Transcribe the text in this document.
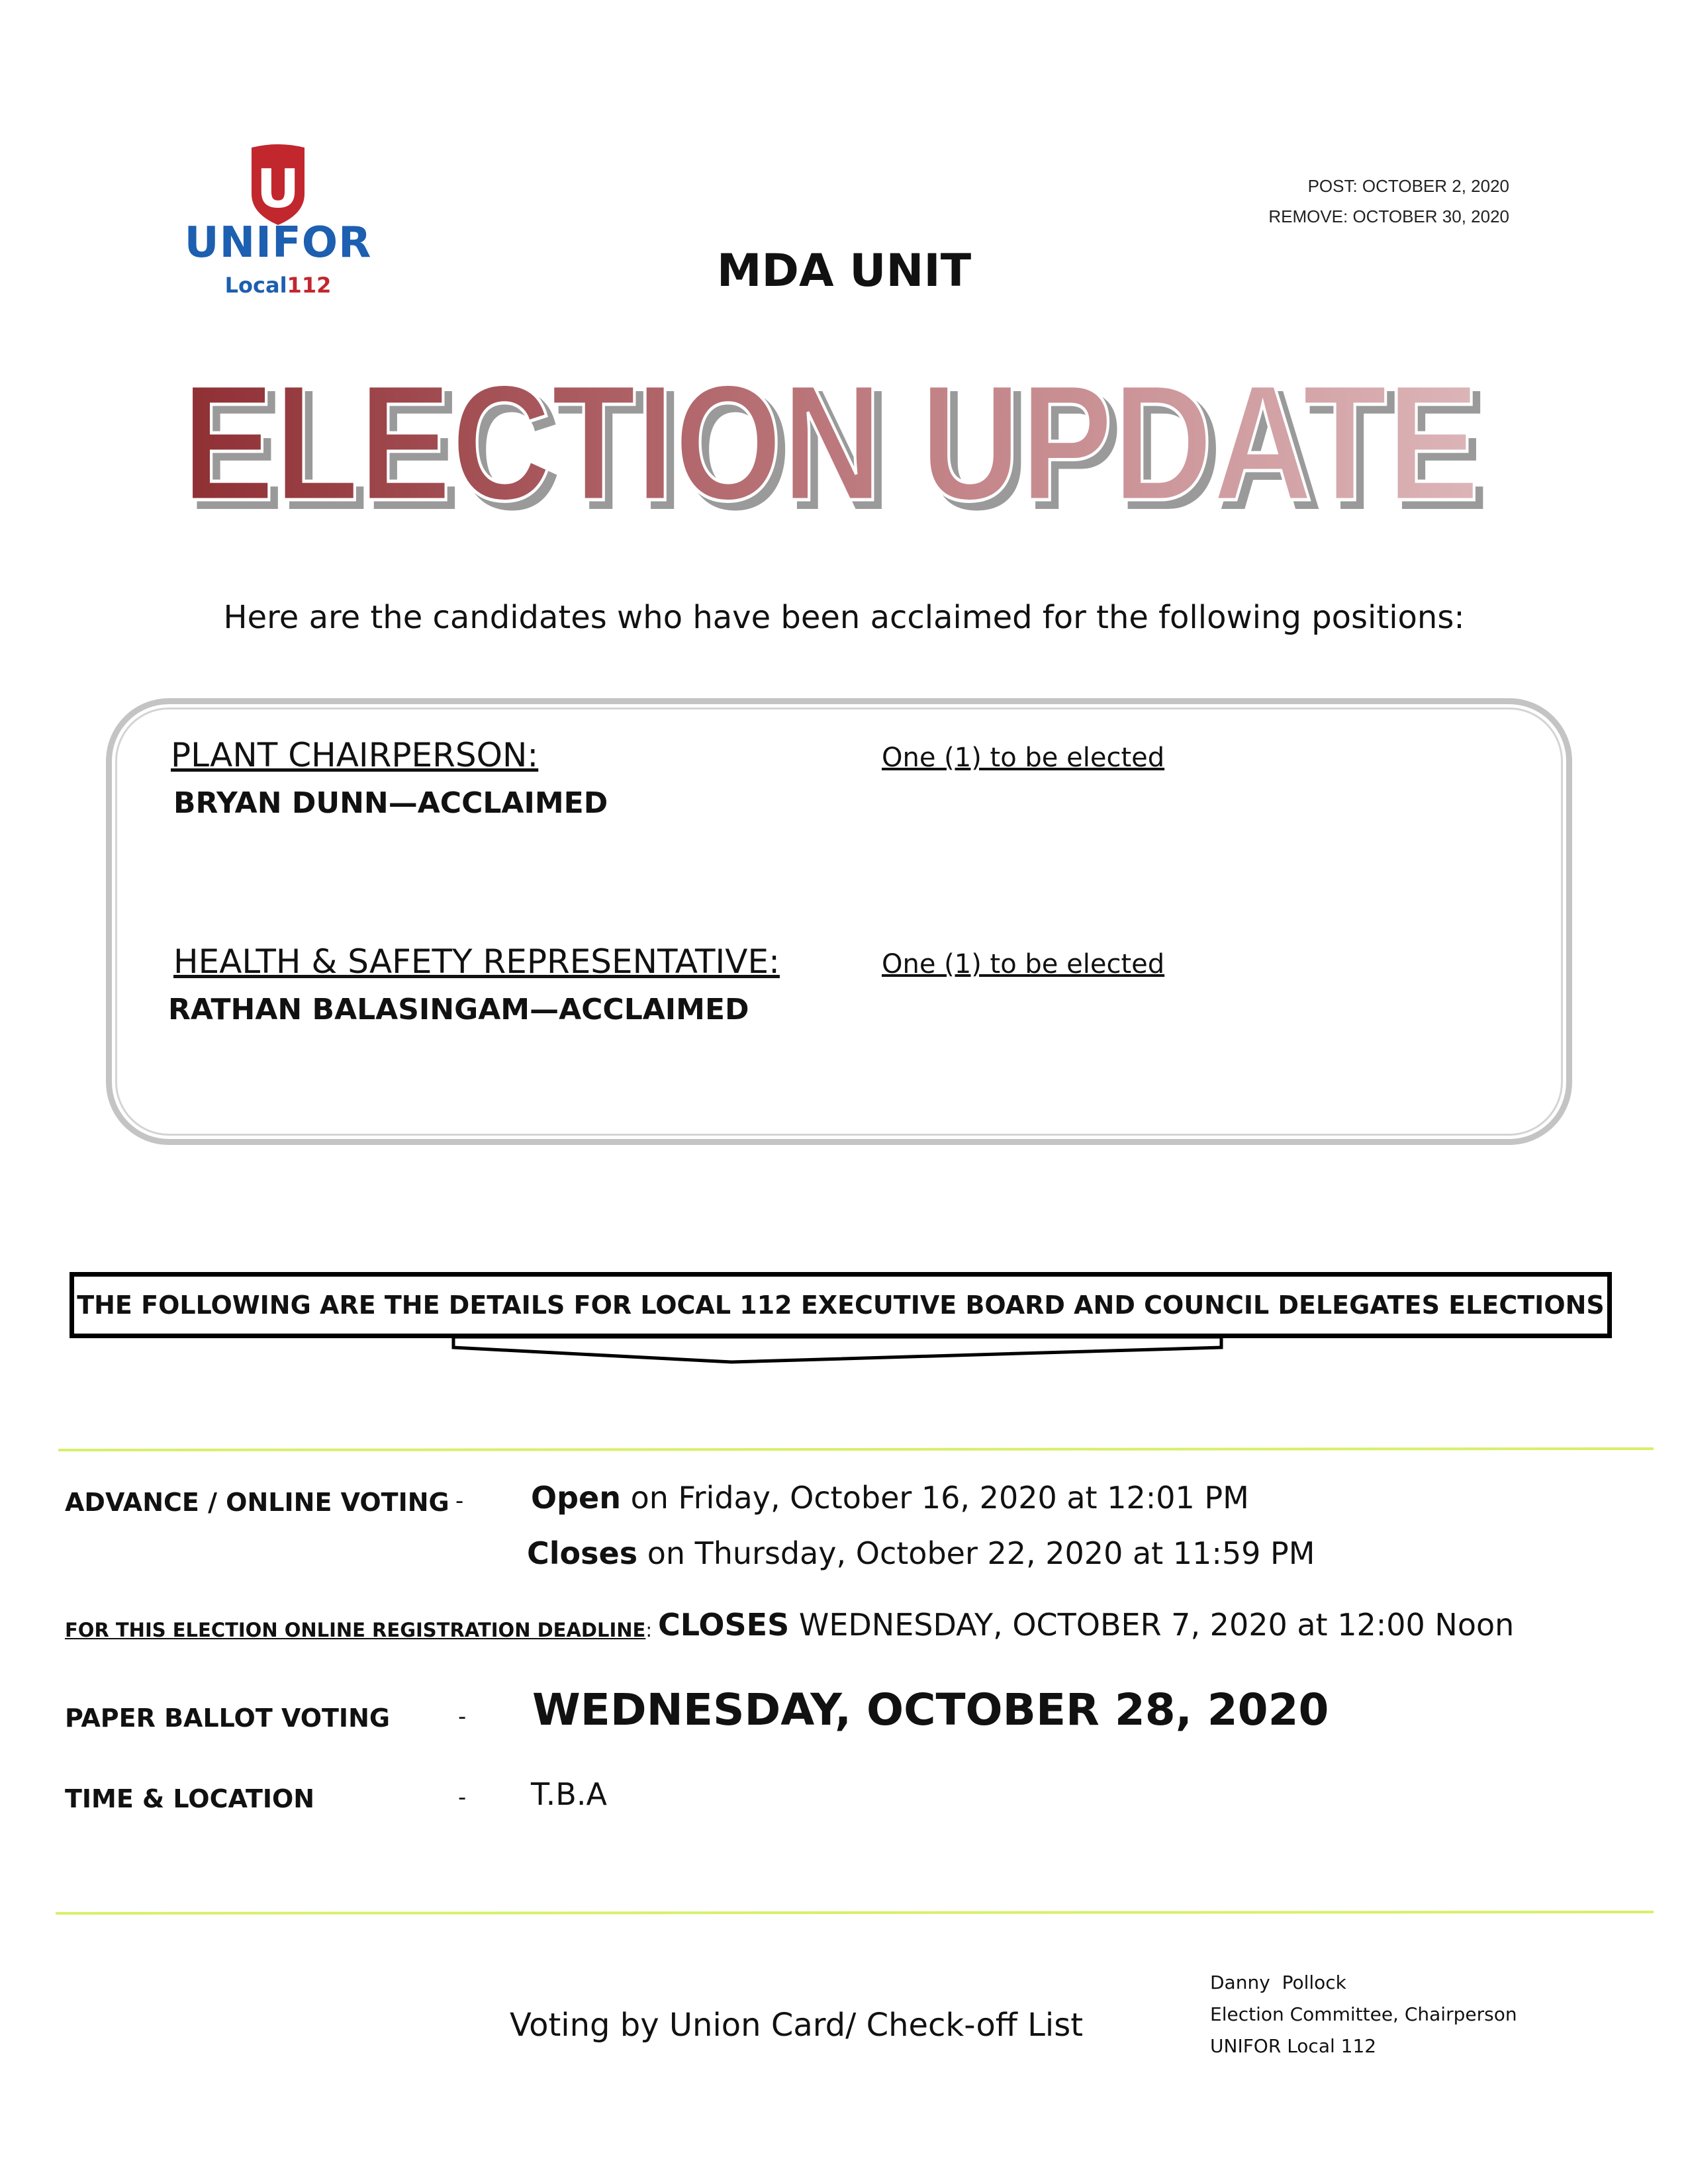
U
UNIFOR
Local112
POST: OCTOBER 2, 2020
REMOVE: OCTOBER 30, 2020
MDA UNIT
ELECTION UPDATE
ELECTION UPDATE
Here are the candidates who have been acclaimed for the following positions:
PLANT CHAIRPERSON:	One (1) to be elected
BRYAN DUNN—ACCLAIMED
HEALTH & SAFETY REPRESENTATIVE:	One (1) to be elected
RATHAN BALASINGAM—ACCLAIMED
THE FOLLOWING ARE THE DETAILS FOR LOCAL 112 EXECUTIVE BOARD AND COUNCIL DELEGATES ELECTIONS
ADVANCE / ONLINE VOTING - Open on Friday, October 16, 2020 at 12:01 PM
Closes on Thursday, October 22, 2020 at 11:59 PM
FOR THIS ELECTION ONLINE REGISTRATION DEADLINE: CLOSES WEDNESDAY, OCTOBER 7, 2020 at 12:00 Noon
PAPER BALLOT VOTING	- WEDNESDAY, OCTOBER 28, 2020
TIME & LOCATION	- T.B.A
Voting by Union Card/ Check-off List
Danny  Pollock
Election Committee, Chairperson
UNIFOR Local 112
